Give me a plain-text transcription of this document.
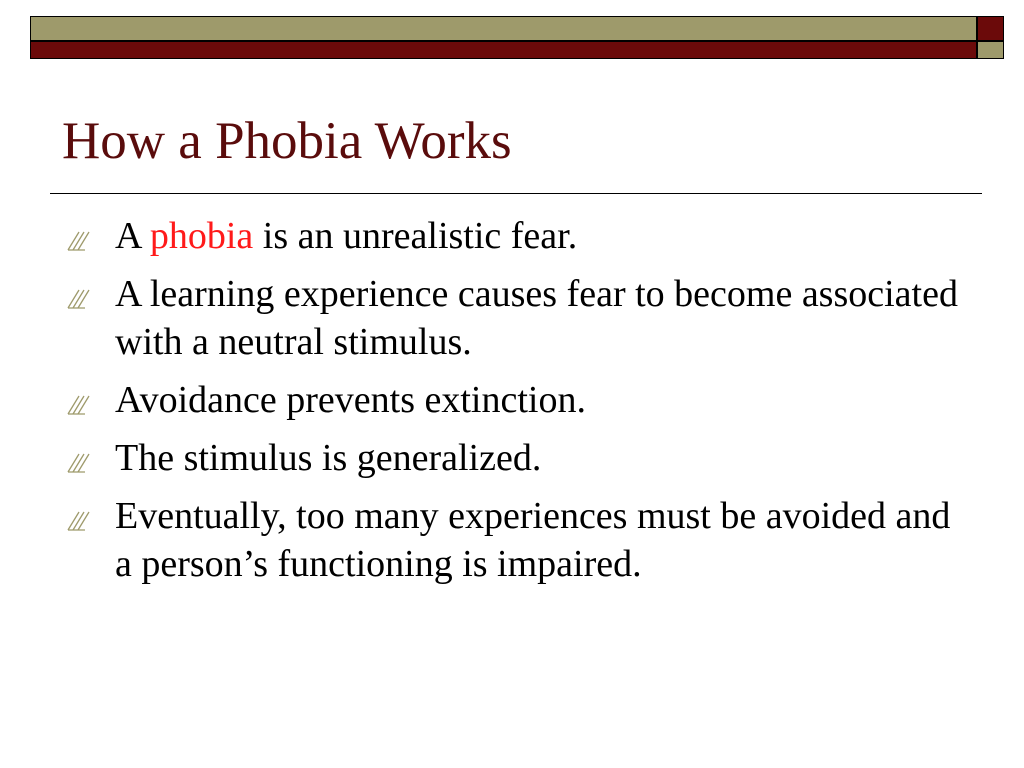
How a Phobia Works
A phobia is an unrealistic fear.
A learning experience causes fear to become associated with a neutral stimulus.
Avoidance prevents extinction.
The stimulus is generalized.
Eventually, too many experiences must be avoided and a person’s functioning is impaired.
